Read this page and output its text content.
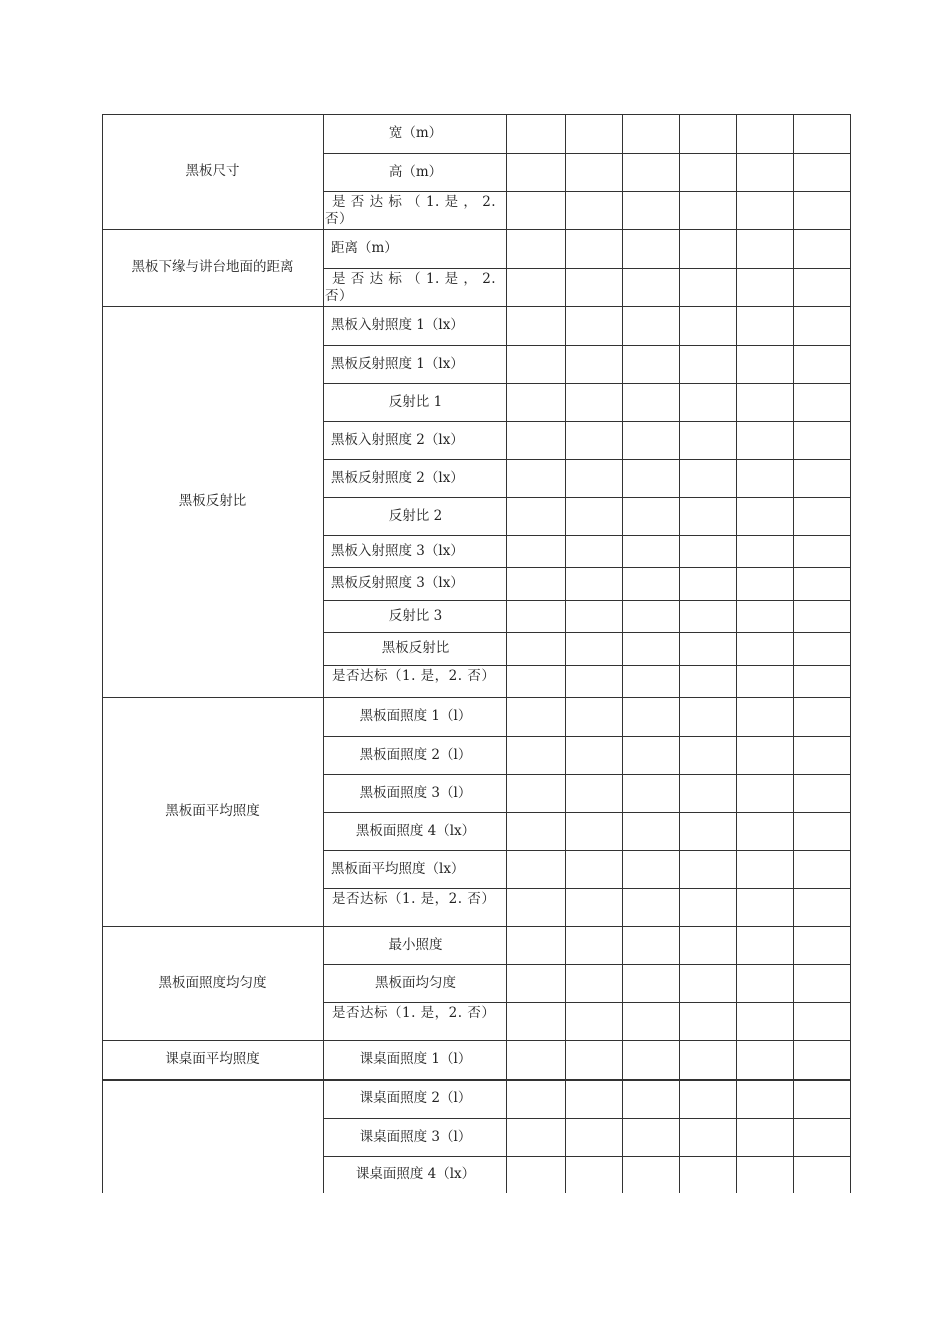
黑板尺寸
宽（m）
高（m）
是 否 达 标 （ 1. 是 ， 2. 否）
黑板下缘与讲台地面的距离
距离（m）
是 否 达 标 （ 1. 是 ， 2. 否）
黑板反射比
黑板入射照度 1（lx）
黑板反射照度 1（lx）
反射比 1
黑板入射照度 2（lx）
黑板反射照度 2（lx）
反射比 2
黑板入射照度 3（lx）
黑板反射照度 3（lx）
反射比 3
黑板反射比
是否达标（1. 是，2. 否）
黑板面平均照度
黑板面照度 1（l）
黑板面照度 2（l）
黑板面照度 3（l）
黑板面照度 4（lx）
黑板面平均照度（lx）
是否达标（1. 是，2. 否）
黑板面照度均匀度
最小照度
黑板面均匀度
是否达标（1. 是，2. 否）
课桌面平均照度	课桌面照度 1（l）
课桌面照度 2（l）
课桌面照度 3（l）
课桌面照度 4（lx）
